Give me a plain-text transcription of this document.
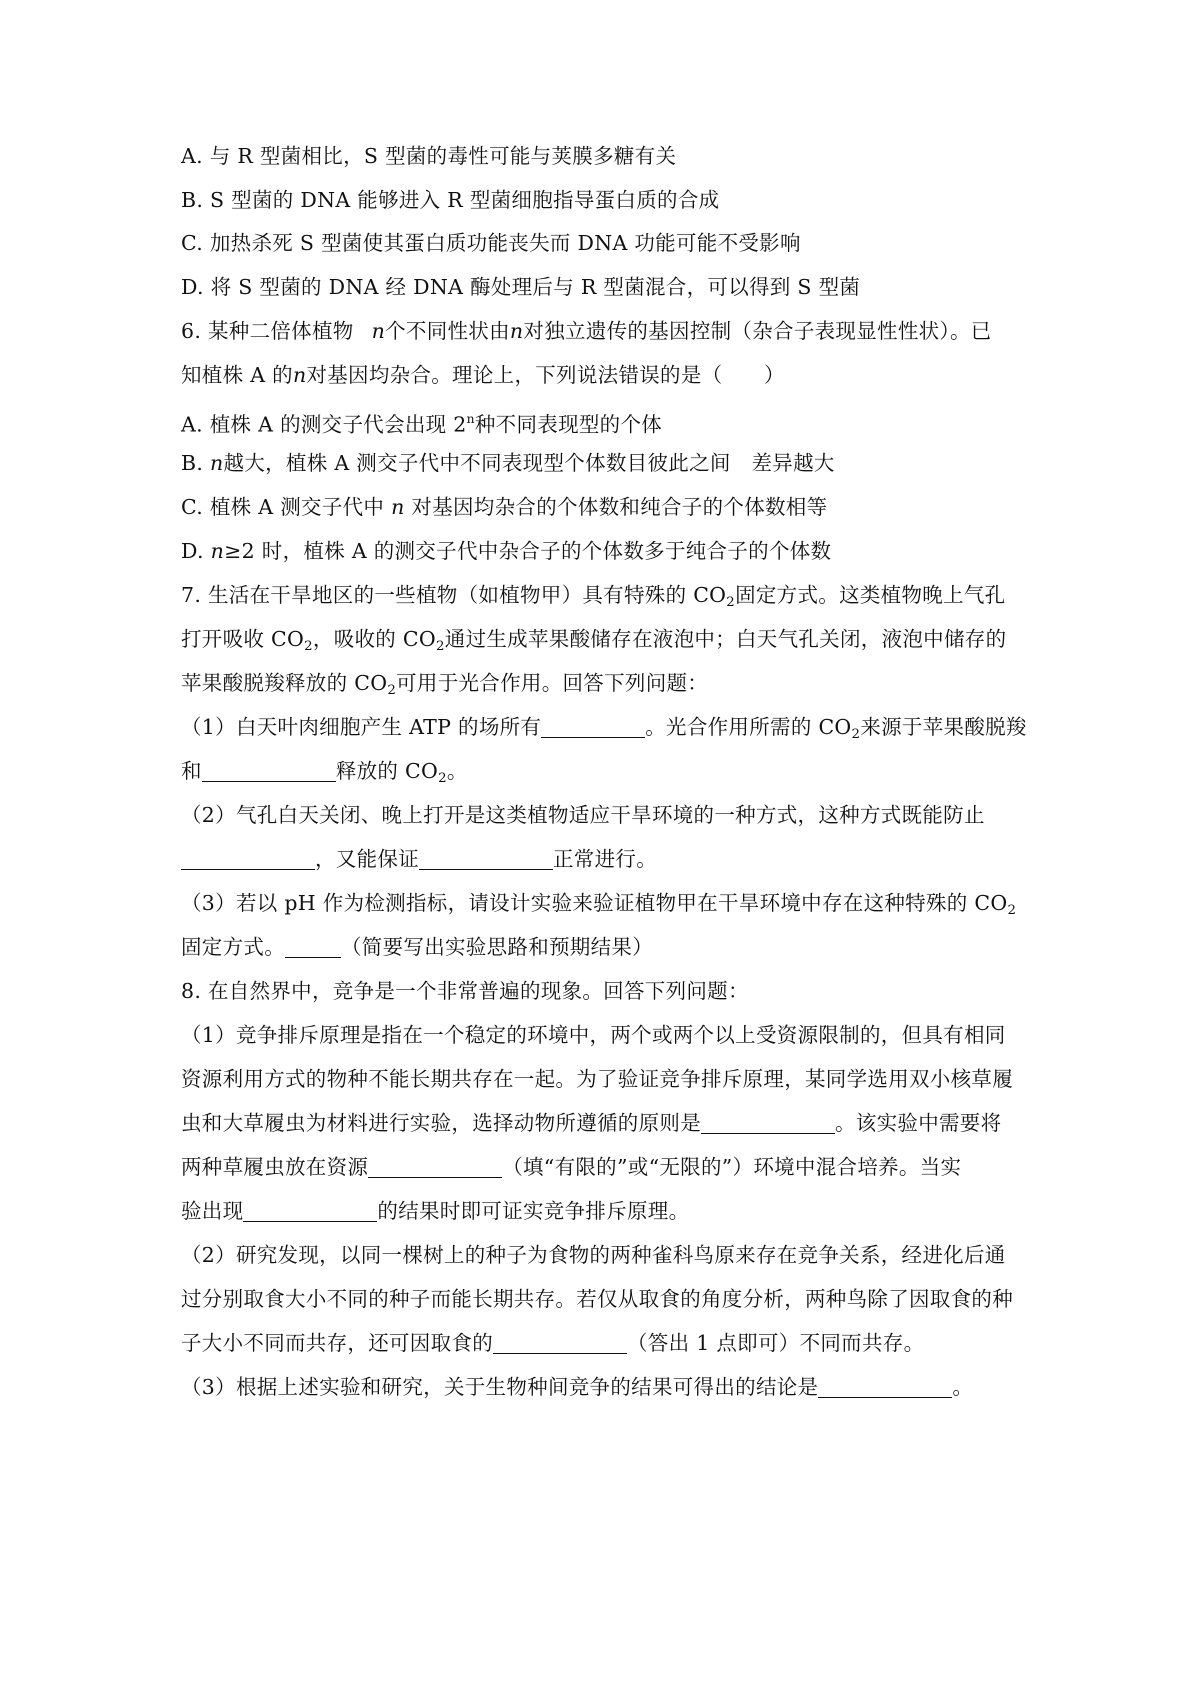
A. 与 R 型菌相比，S 型菌的毒性可能与荚膜多糖有关
B. S 型菌的 DNA 能够进入 R 型菌细胞指导蛋白质的合成
C. 加热杀死 S 型菌使其蛋白质功能丧失而 DNA 功能可能不受影响
D. 将 S 型菌的 DNA 经 DNA 酶处理后与 R 型菌混合，可以得到 S 型菌
6. 某种二倍体植物 n个不同性状由n对独立遗传的基因控制（杂合子表现显性性状）。已
知植株 A 的n对基因均杂合。理论上，下列说法错误的是（　　）
A. 植株 A 的测交子代会出现 2$^n$种不同表现型的个体
B. n越大，植株 A 测交子代中不同表现型个体数目彼此之间　差异越大
C. 植株 A 测交子代中 n 对基因均杂合的个体数和纯合子的个体数相等
D. n≥2 时，植株 A 的测交子代中杂合子的个体数多于纯合子的个体数
7. 生活在干旱地区的一些植物（如植物甲）具有特殊的 $CO_2$固定方式。这类植物晚上气孔
打开吸收 $CO_2$，吸收的 $CO_2$通过生成苹果酸储存在液泡中；白天气孔关闭，液泡中储存的
苹果酸脱羧释放的 $CO_2$可用于光合作用。回答下列问题：
（1）白天叶肉细胞产生 ATP 的场所有	。光合作用所需的 $CO_2$来源于苹果酸脱羧
和	释放的 $CO_2$。
（2）气孔白天关闭、晚上打开是这类植物适应干旱环境的一种方式，这种方式既能防止
，又能保证	正常进行。
（3）若以 pH 作为检测指标，请设计实验来验证植物甲在干旱环境中存在这种特殊的 $CO_2$
固定方式。	（简要写出实验思路和预期结果）
8. 在自然界中，竞争是一个非常普遍的现象。回答下列问题：
（1）竞争排斥原理是指在一个稳定的环境中，两个或两个以上受资源限制的，但具有相同
资源利用方式的物种不能长期共存在一起。为了验证竞争排斥原理，某同学选用双小核草履
虫和大草履虫为材料进行实验，选择动物所遵循的原则是	。该实验中需要将
两种草履虫放在资源	（填“有限的”或“无限的”）环境中混合培养。当实
验出现	的结果时即可证实竞争排斥原理。
（2）研究发现，以同一棵树上的种子为食物的两种雀科鸟原来存在竞争关系，经进化后通
过分别取食大小不同的种子而能长期共存。若仅从取食的角度分析，两种鸟除了因取食的种
子大小不同而共存，还可因取食的	（答出 1 点即可）不同而共存。
（3）根据上述实验和研究，关于生物种间竞争的结果可得出的结论是	。
